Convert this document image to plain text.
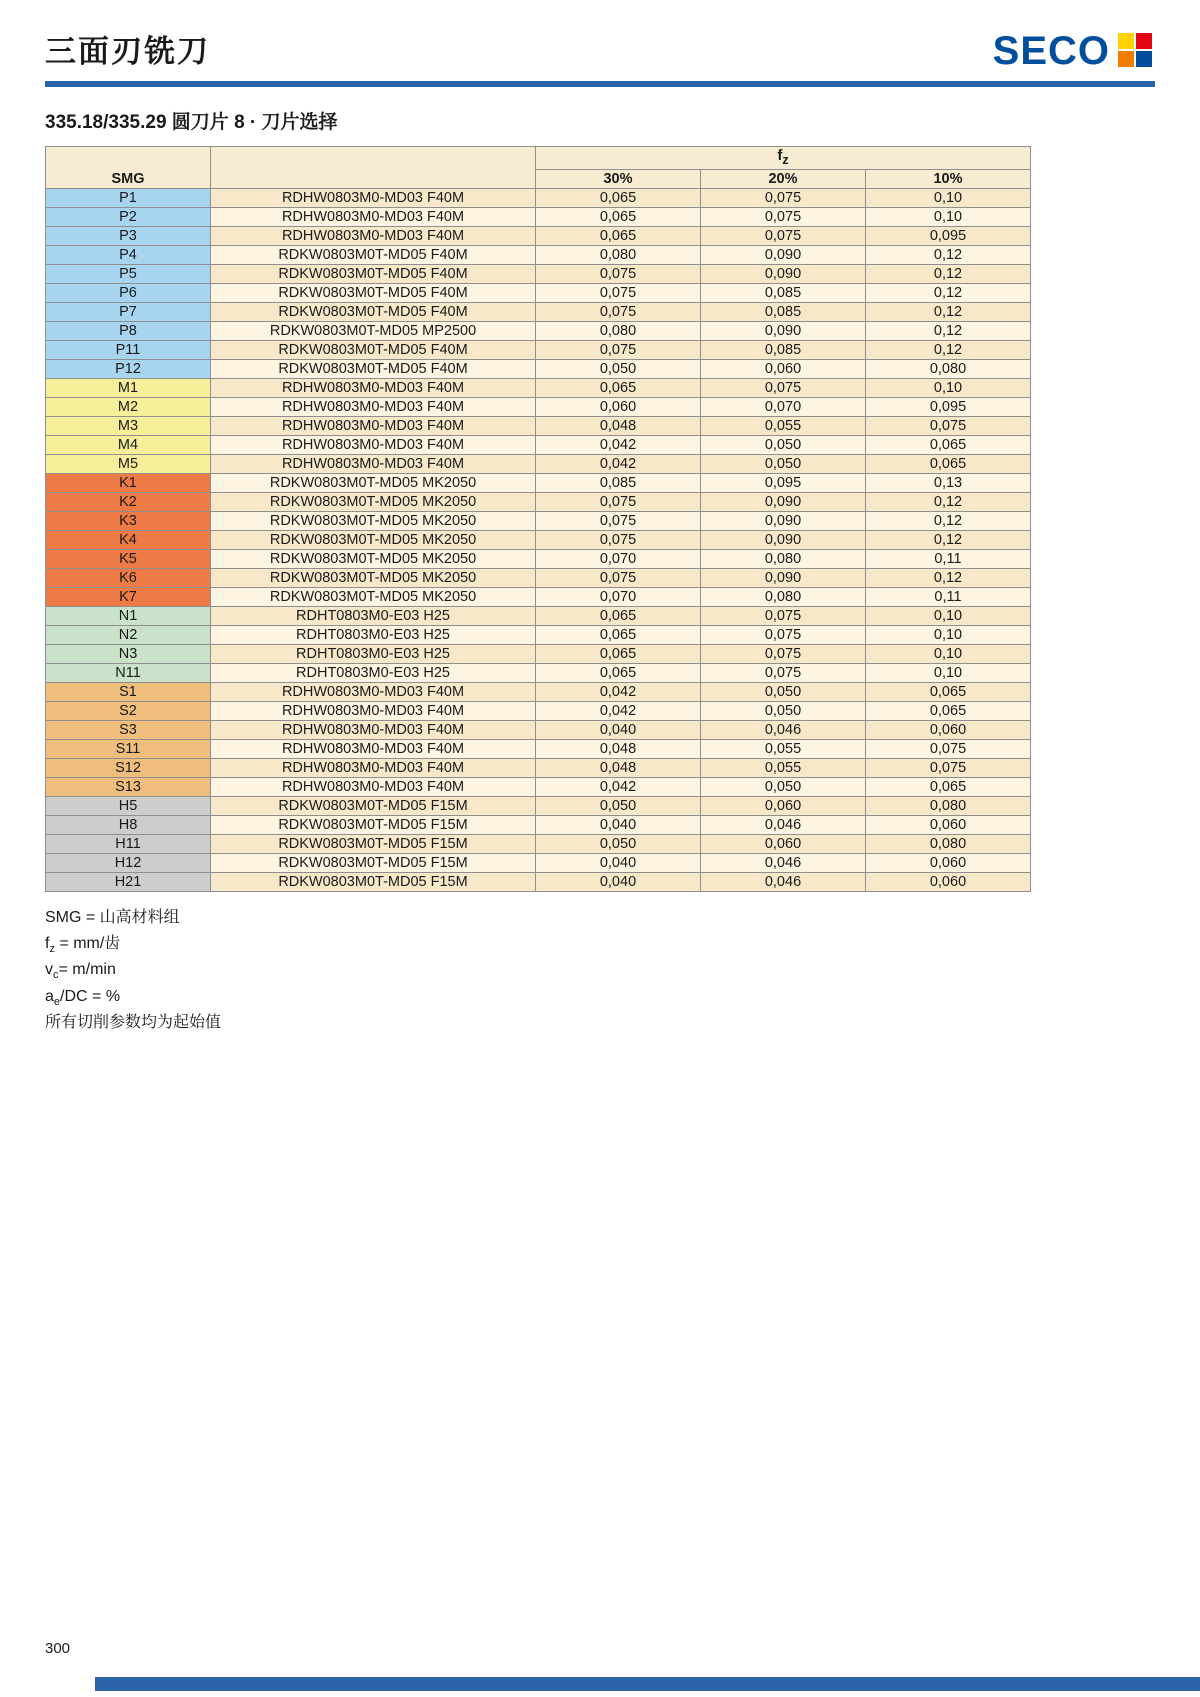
三面刃铣刀	SECO
335.18/335.29 圆刀片 8 · 刀片选择
SMG		$f_z$
		30%	20%	10%
P1	RDHW0803M0-MD03 F40M	0,065	0,075	0,10
P2	RDHW0803M0-MD03 F40M	0,065	0,075	0,10
P3	RDHW0803M0-MD03 F40M	0,065	0,075	0,095
P4	RDKW0803M0T-MD05 F40M	0,080	0,090	0,12
P5	RDKW0803M0T-MD05 F40M	0,075	0,090	0,12
P6	RDKW0803M0T-MD05 F40M	0,075	0,085	0,12
P7	RDKW0803M0T-MD05 F40M	0,075	0,085	0,12
P8	RDKW0803M0T-MD05 MP2500	0,080	0,090	0,12
P11	RDKW0803M0T-MD05 F40M	0,075	0,085	0,12
P12	RDKW0803M0T-MD05 F40M	0,050	0,060	0,080
M1	RDHW0803M0-MD03 F40M	0,065	0,075	0,10
M2	RDHW0803M0-MD03 F40M	0,060	0,070	0,095
M3	RDHW0803M0-MD03 F40M	0,048	0,055	0,075
M4	RDHW0803M0-MD03 F40M	0,042	0,050	0,065
M5	RDHW0803M0-MD03 F40M	0,042	0,050	0,065
K1	RDKW0803M0T-MD05 MK2050	0,085	0,095	0,13
K2	RDKW0803M0T-MD05 MK2050	0,075	0,090	0,12
K3	RDKW0803M0T-MD05 MK2050	0,075	0,090	0,12
K4	RDKW0803M0T-MD05 MK2050	0,075	0,090	0,12
K5	RDKW0803M0T-MD05 MK2050	0,070	0,080	0,11
K6	RDKW0803M0T-MD05 MK2050	0,075	0,090	0,12
K7	RDKW0803M0T-MD05 MK2050	0,070	0,080	0,11
N1	RDHT0803M0-E03 H25	0,065	0,075	0,10
N2	RDHT0803M0-E03 H25	0,065	0,075	0,10
N3	RDHT0803M0-E03 H25	0,065	0,075	0,10
N11	RDHT0803M0-E03 H25	0,065	0,075	0,10
S1	RDHW0803M0-MD03 F40M	0,042	0,050	0,065
S2	RDHW0803M0-MD03 F40M	0,042	0,050	0,065
S3	RDHW0803M0-MD03 F40M	0,040	0,046	0,060
S11	RDHW0803M0-MD03 F40M	0,048	0,055	0,075
S12	RDHW0803M0-MD03 F40M	0,048	0,055	0,075
S13	RDHW0803M0-MD03 F40M	0,042	0,050	0,065
H5	RDKW0803M0T-MD05 F15M	0,050	0,060	0,080
H8	RDKW0803M0T-MD05 F15M	0,040	0,046	0,060
H11	RDKW0803M0T-MD05 F15M	0,050	0,060	0,080
H12	RDKW0803M0T-MD05 F15M	0,040	0,046	0,060
H21	RDKW0803M0T-MD05 F15M	0,040	0,046	0,060
SMG = 山高材料组
$f_z = mm/$齿
$v_c= m/\min$
$a_e/DC$ = %
所有切削参数均为起始值
300
